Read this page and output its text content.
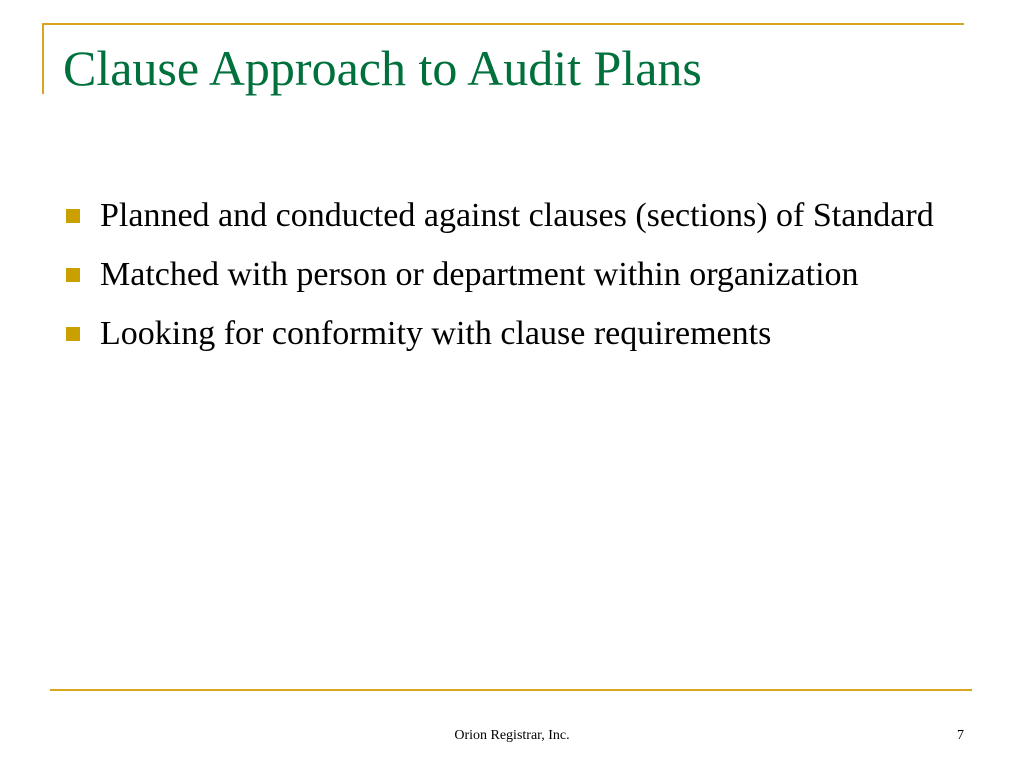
Clause Approach to Audit Plans
Planned and conducted against clauses (sections) of Standard
Matched with person or department within organization
Looking for conformity with clause requirements
Orion Registrar, Inc.	7
